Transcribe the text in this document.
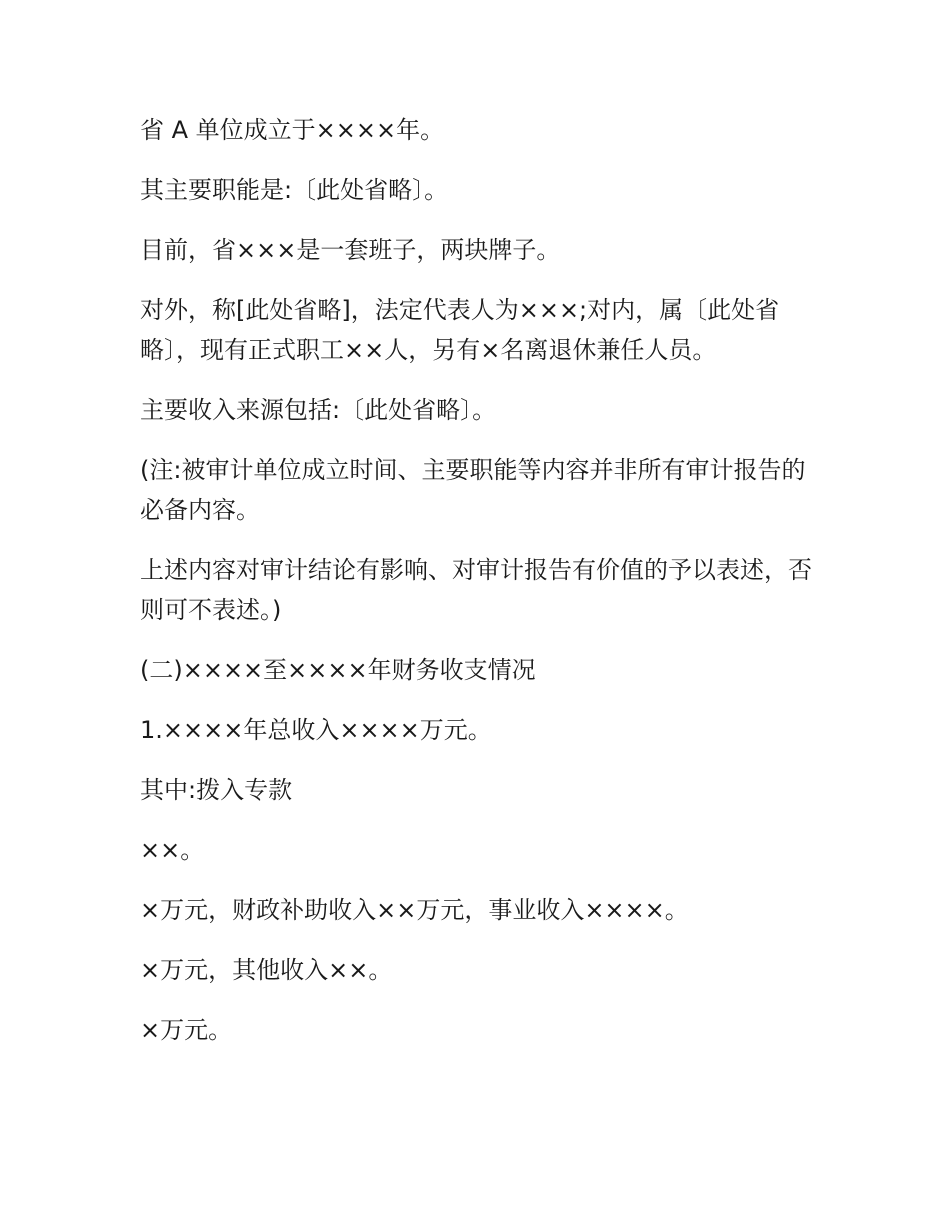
省 A 单位成立于××××年。

其主要职能是:〔此处省略〕。

目前，省×××是一套班子，两块牌子。

对外，称[此处省略]，法定代表人为×××;对内，属〔此处省略〕，现有正式职工××人，另有×名离退休兼任人员。

主要收入来源包括:〔此处省略〕。

(注:被审计单位成立时间、主要职能等内容并非所有审计报告的必备内容。

上述内容对审计结论有影响、对审计报告有价值的予以表述，否则可不表述。)

(二)××××至××××年财务收支情况

1.××××年总收入××××万元。

其中:拨入专款

××。

×万元，财政补助收入××万元，事业收入××××。

×万元，其他收入××。

×万元。
